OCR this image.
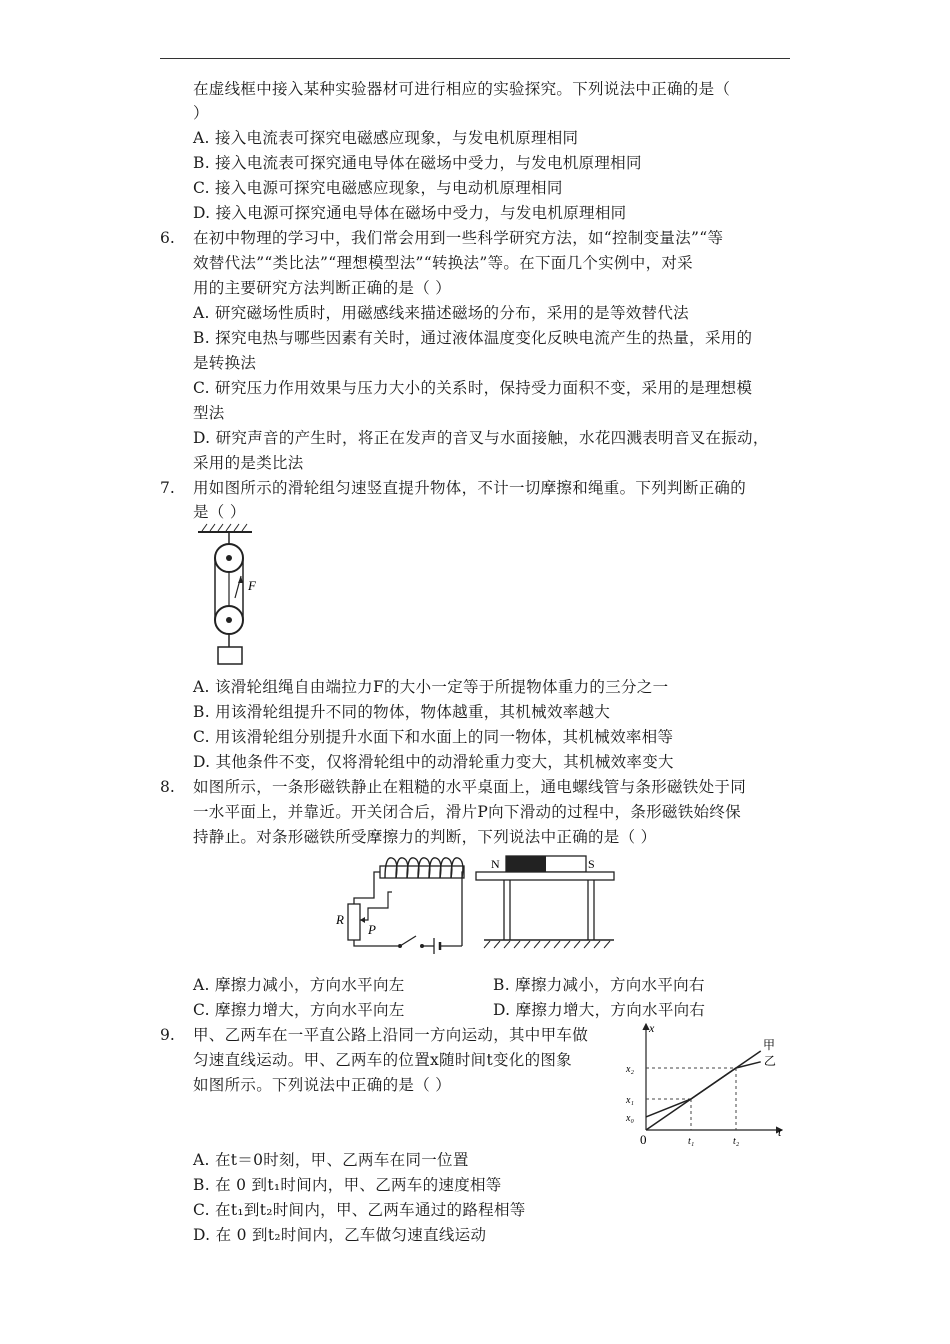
在虚线框中接入某种实验器材可进行相应的实验探究。下列说法中正确的是（
）
A. 接入电流表可探究电磁感应现象，与发电机原理相同
B. 接入电流表可探究通电导体在磁场中受力，与发电机原理相同
C. 接入电源可探究电磁感应现象，与电动机原理相同
D. 接入电源可探究通电导体在磁场中受力，与发电机原理相同
6. 在初中物理的学习中，我们常会用到一些科学研究方法，如“控制变量法”“等
效替代法”“类比法”“理想模型法”“转换法”等。在下面几个实例中，对采
用的主要研究方法判断正确的是（ ）
A. 研究磁场性质时，用磁感线来描述磁场的分布，采用的是等效替代法
B. 探究电热与哪些因素有关时，通过液体温度变化反映电流产生的热量，采用的
是转换法
C. 研究压力作用效果与压力大小的关系时，保持受力面积不变，采用的是理想模
型法
D. 研究声音的产生时，将正在发声的音叉与水面接触，水花四溅表明音叉在振动，
采用的是类比法
7. 用如图所示的滑轮组匀速竖直提升物体，不计一切摩擦和绳重。下列判断正确的
是（ ）
F
A. 该滑轮组绳自由端拉力F的大小一定等于所提物体重力的三分之一
B. 用该滑轮组提升不同的物体，物体越重，其机械效率越大
C. 用该滑轮组分别提升水面下和水面上的同一物体，其机械效率相等
D. 其他条件不变，仅将滑轮组中的动滑轮重力变大，其机械效率变大
8. 如图所示，一条形磁铁静止在粗糙的水平桌面上，通电螺线管与条形磁铁处于同
一水平面上，并靠近。开关闭合后，滑片P向下滑动的过程中，条形磁铁始终保
持静止。对条形磁铁所受摩擦力的判断，下列说法中正确的是（ ）
R
P
N	S
A. 摩擦力减小，方向水平向左	B. 摩擦力减小，方向水平向右
C. 摩擦力增大，方向水平向左	D. 摩擦力增大，方向水平向右
9. 甲、乙两车在一平直公路上沿同一方向运动，其中甲车做
匀速直线运动。甲、乙两车的位置x随时间t变化的图象
如图所示。下列说法中正确的是（ ）
t
x
甲
乙
0	t₁	t₂
x₀
x₁
x₂
A. 在t＝0时刻，甲、乙两车在同一位置
B. 在 0 到t₁时间内，甲、乙两车的速度相等
C. 在t₁到t₂时间内，甲、乙两车通过的路程相等
D. 在 0 到t₂时间内，乙车做匀速直线运动
